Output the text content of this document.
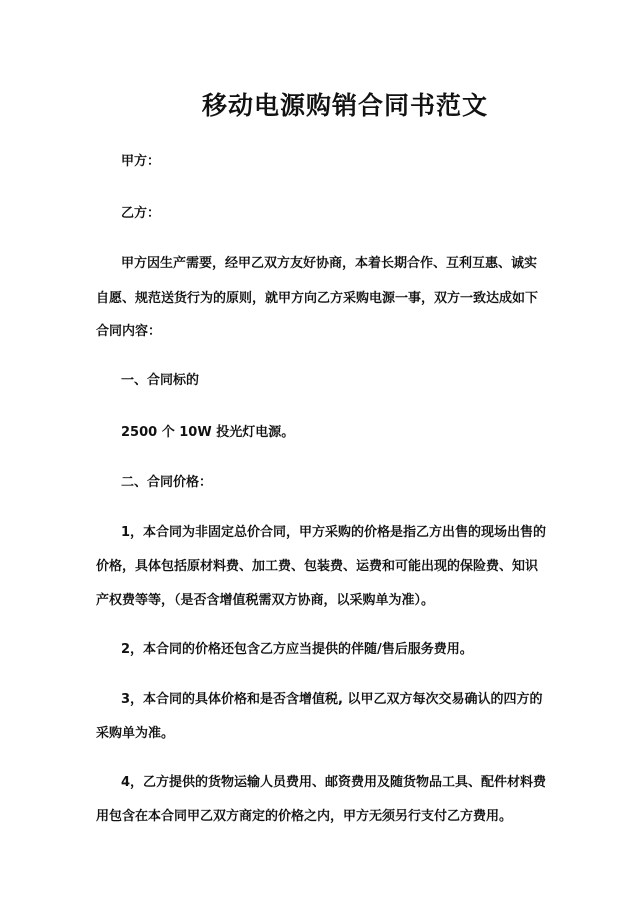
移动电源购销合同书范文
甲方：
乙方：
甲方因生产需要，经甲乙双方友好协商，本着长期合作、互利互惠、诚实
自愿、规范送货行为的原则，就甲方向乙方采购电源一事，双方一致达成如下
合同内容：
一、合同标的
2500 个 10W 投光灯电源。
二、合同价格：
1，本合同为非固定总价合同，甲方采购的价格是指乙方出售的现场出售的
价格，具体包括原材料费、加工费、包装费、运费和可能出现的保险费、知识
产权费等等，（是否含增值税需双方协商，以采购单为准）。
2，本合同的价格还包含乙方应当提供的伴随/售后服务费用。
3，本合同的具体价格和是否含增值税, 以甲乙双方每次交易确认的四方的
采购单为准。
4，乙方提供的货物运输人员费用、邮资费用及随货物品工具、配件材料费
用包含在本合同甲乙双方商定的价格之内，甲方无须另行支付乙方费用。
